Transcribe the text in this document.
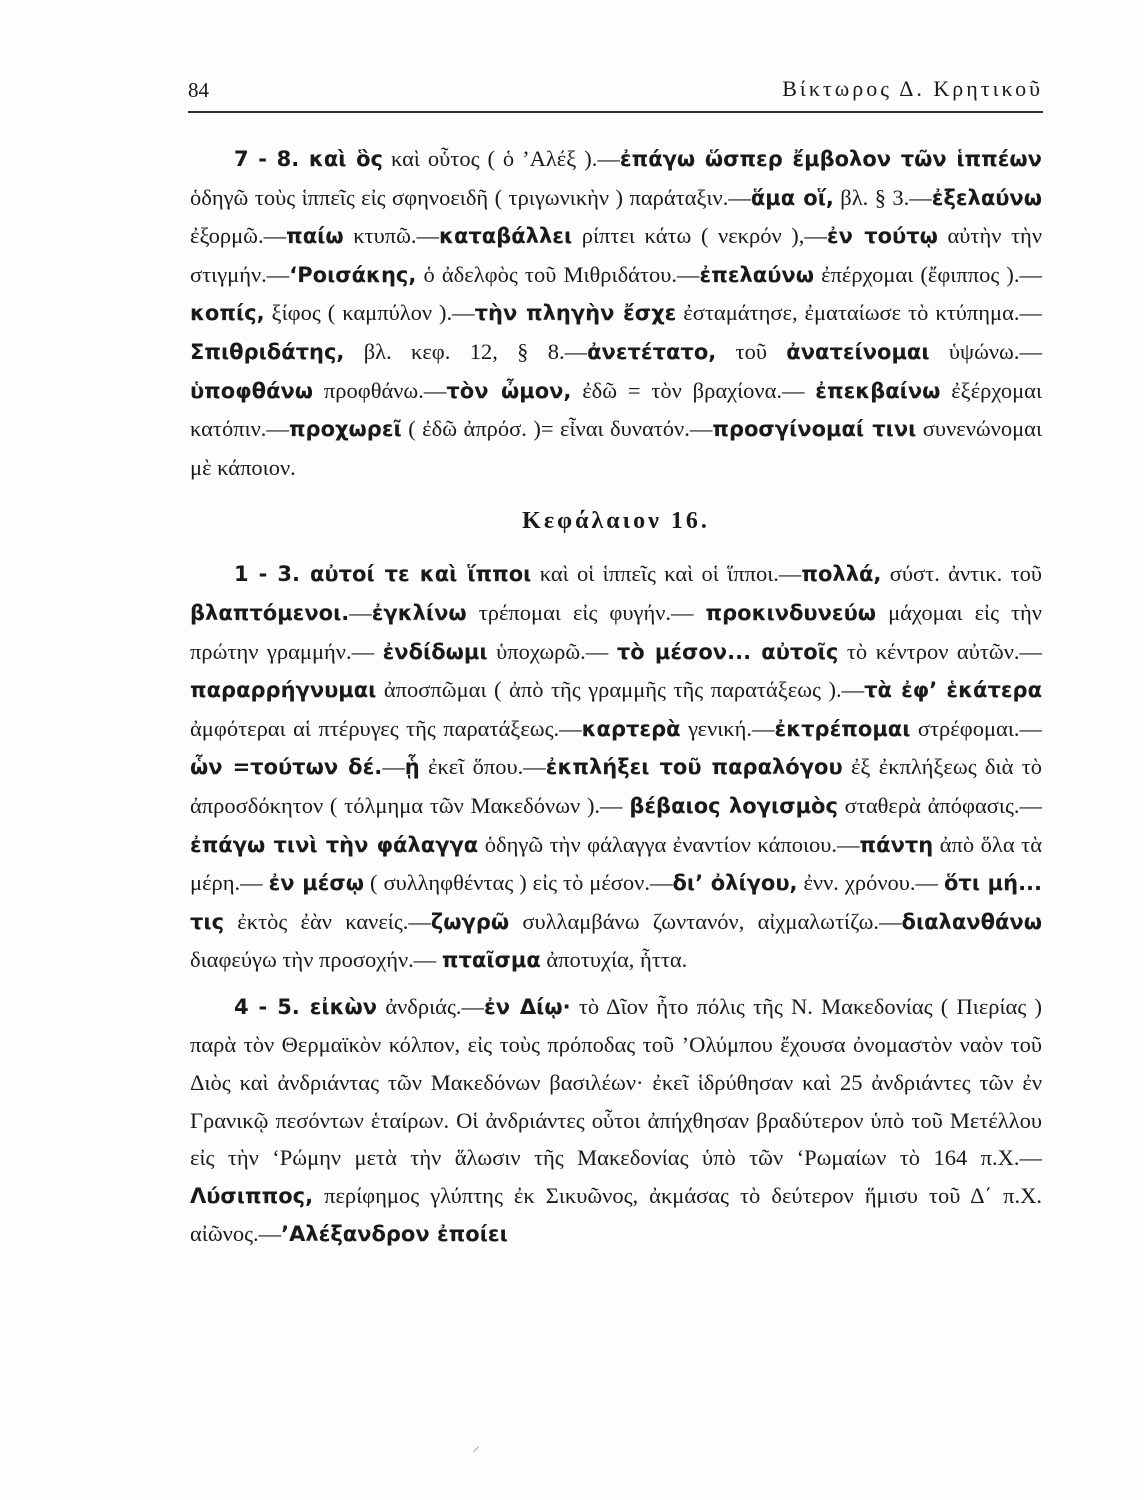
84	Βίκτωρος Δ. Κρητικοῦ

7 - 8. καὶ ὃς καὶ οὗτος ( ὁ ’Αλέξ ).—ἐπάγω ὥσπερ ἔμβολον τῶν ἱππέων ὁδηγῶ τοὺς ἱππεῖς εἰς σφηνοειδῆ ( τριγωνικὴν ) παράταξιν.—ἅμα οἵ, βλ. § 3.—ἐξελαύνω ἐξορμῶ.—παίω κτυπῶ.—καταβάλλει ρίπτει κάτω ( νεκρόν ),—ἐν τούτῳ αὐτὴν τὴν στιγμήν.—‘Ροισάκης, ὁ ἀδελφὸς τοῦ Μιθριδάτου.—ἐπελαύνω ἐπέρχομαι (ἔφιππος ).—κοπίς, ξίφος ( καμπύλον ).—τὴν πληγὴν ἔσχε ἐσταμάτησε, ἐματαίωσε τὸ κτύπημα.—Σπιθριδάτης, βλ. κεφ. 12, § 8.—ἀνετέτατο, τοῦ ἀνατείνομαι ὑψώνω.—ὑποφθάνω προφθάνω.—τὸν ὦμον, ἐδῶ = τὸν βραχίονα.— ἐπεκβαίνω ἐξέρχομαι κατόπιν.—προχωρεῖ ( ἐδῶ ἀπρόσ. )= εἶναι δυνατόν.—προσγίνομαί τινι συνενώνομαι μὲ κάποιον.

Κεφάλαιον 16.

1 - 3. αὐτοί τε καὶ ἵπποι καὶ οἱ ἱππεῖς καὶ οἱ ἵπποι.—πολλά, σύστ. ἀντικ. τοῦ βλαπτόμενοι.—ἐγκλίνω τρέπομαι εἰς φυγήν.— προκινδυνεύω μάχομαι εἰς τὴν πρώτην γραμμήν.— ἐνδίδωμι ὑποχωρῶ.— τὸ μέσον... αὐτοῖς τὸ κέντρον αὐτῶν.—παραρρήγνυμαι ἀποσπῶμαι ( ἀπὸ τῆς γραμμῆς τῆς παρατάξεως ).—τὰ ἐφ’ ἑκάτερα ἀμφότεραι αἱ πτέρυγες τῆς παρατάξεως.—καρτερὰ γενική.—ἐκτρέπομαι στρέφομαι.—ὧν =τούτων δέ.—ᾗ ἐκεῖ ὅπου.—ἐκπλήξει τοῦ παραλόγου ἐξ ἐκπλήξεως διὰ τὸ ἀπροσδόκητον ( τόλμημα τῶν Μακεδόνων ).— βέβαιος λογισμὸς σταθερὰ ἀπόφασις.—ἐπάγω τινὶ τὴν φάλαγγα ὁδηγῶ τὴν φάλαγγα ἐναντίον κάποιου.—πάντη ἀπὸ ὅλα τὰ μέρη.— ἐν μέσῳ ( συλληφθέντας ) εἰς τὸ μέσον.—δι’ ὀλίγου, ἐνν. χρόνου.— ὅτι μή... τις ἐκτὸς ἐὰν κανείς.—ζωγρῶ συλλαμβάνω ζωντανόν, αἰχμαλωτίζω.—διαλανθάνω διαφεύγω τὴν προσοχήν.— πταῖσμα ἀποτυχία, ἧττα.

4 - 5. εἰκὼν ἀνδριάς.—ἐν Δίῳ· τὸ Δῖον ἦτο πόλις τῆς Ν. Μακεδονίας ( Πιερίας ) παρὰ τὸν Θερμαϊκὸν κόλπον, εἰς τοὺς πρόποδας τοῦ ’Ολύμπου ἔχουσα ὀνομαστὸν ναὸν τοῦ Διὸς καὶ ἀνδριάντας τῶν Μακεδόνων βασιλέων· ἐκεῖ ἱδρύθησαν καὶ 25 ἀνδριάντες τῶν ἐν Γρανικῷ πεσόντων ἑταίρων. Οἱ ἀνδριάντες οὗτοι ἀπήχθησαν βραδύτερον ὑπὸ τοῦ Μετέλλου εἰς τὴν ‘Ρώμην μετὰ τὴν ἅλωσιν τῆς Μακεδονίας ὑπὸ τῶν ‘Ρωμαίων τὸ 164 π.Χ.—Λύσιππος, περίφημος γλύπτης ἐκ Σικυῶνος, ἀκμάσας τὸ δεύτερον ἥμισυ τοῦ Δ΄ π.Χ. αἰῶνος.—’Αλέξανδρον ἐποίει

⸝
